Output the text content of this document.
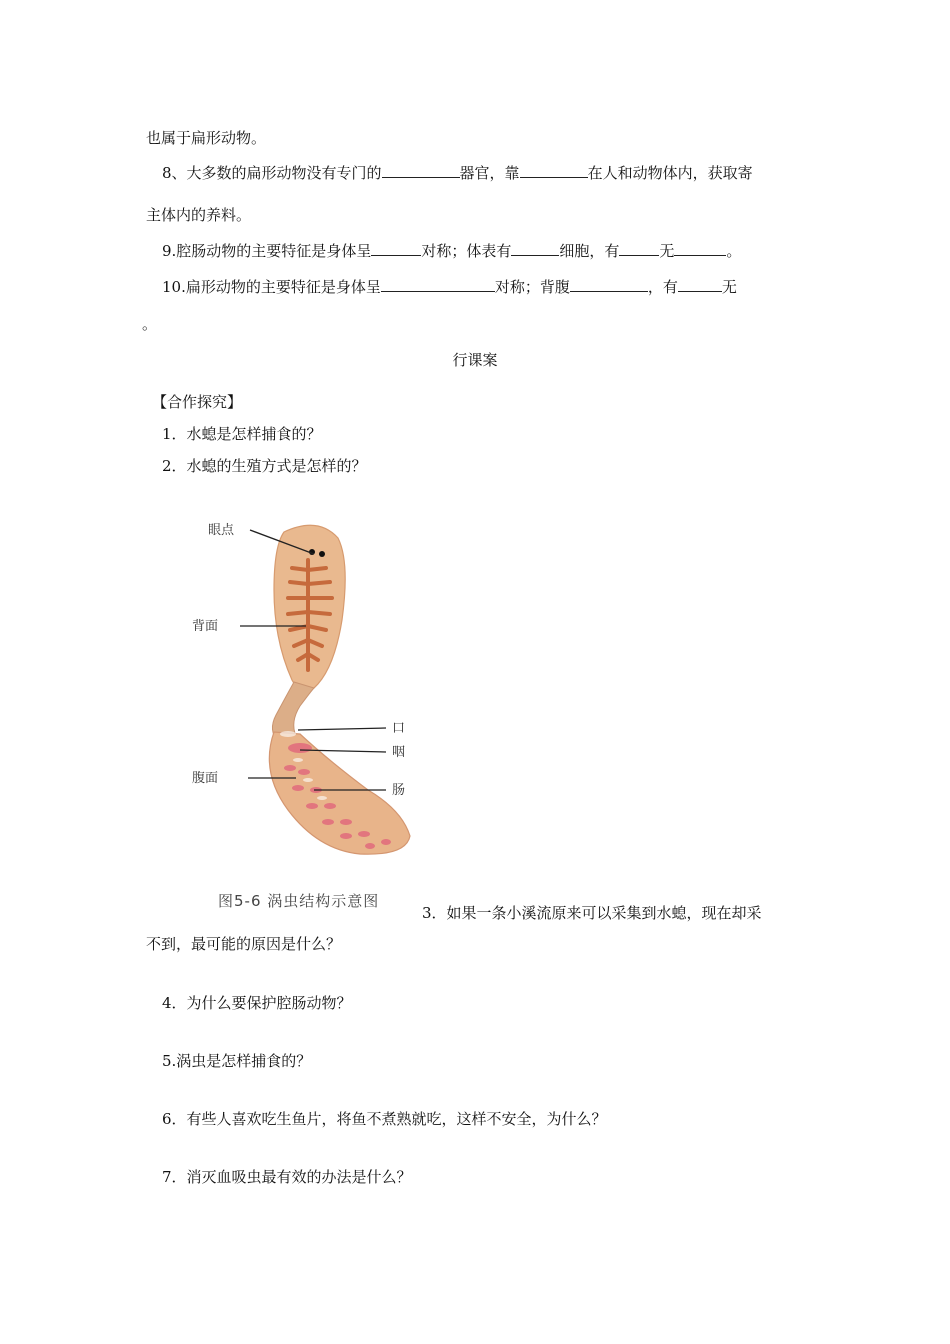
也属于扁形动物。
8、大多数的扁形动物没有专门的	器官，靠	在人和动物体内，获取寄
主体内的养料。
9.腔肠动物的主要特征是身体呈	对称；体表有	细胞，有	无	。
10.扁形动物的主要特征是身体呈	对称；背腹	，有	无
。
行课案
【合作探究】
1．水螅是怎样捕食的？
2．水螅的生殖方式是怎样的？
眼点
背面
腹面
口
咽
肠
图5-6 涡虫结构示意图
3．如果一条小溪流原来可以采集到水螅，现在却采
不到，最可能的原因是什么？
4．为什么要保护腔肠动物？
5.涡虫是怎样捕食的？
6．有些人喜欢吃生鱼片，将鱼不煮熟就吃，这样不安全，为什么？
7．消灭血吸虫最有效的办法是什么？
